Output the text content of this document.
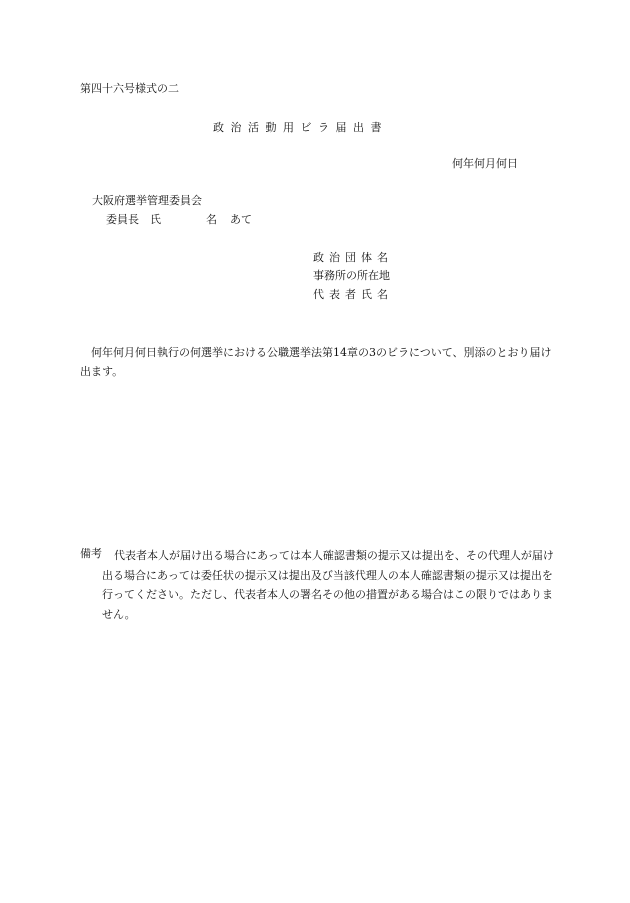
第四十六号様式の二
政治活動用ビラ届出書
何年何月何日
大阪府選挙管理委員会
委員長 氏	名 あて
政治団体名
事務所の所在地
代表者氏名
何年何月何日執行の何選挙における公職選挙法第14章の3のビラについて、別添のとおり届け出ます。
備考	代表者本人が届け出る場合にあっては本人確認書類の提示又は提出を、その代理人が届け出る場合にあっては委任状の提示又は提出及び当該代理人の本人確認書類の提示又は提出を行ってください。ただし、代表者本人の署名その他の措置がある場合はこの限りではありません。
